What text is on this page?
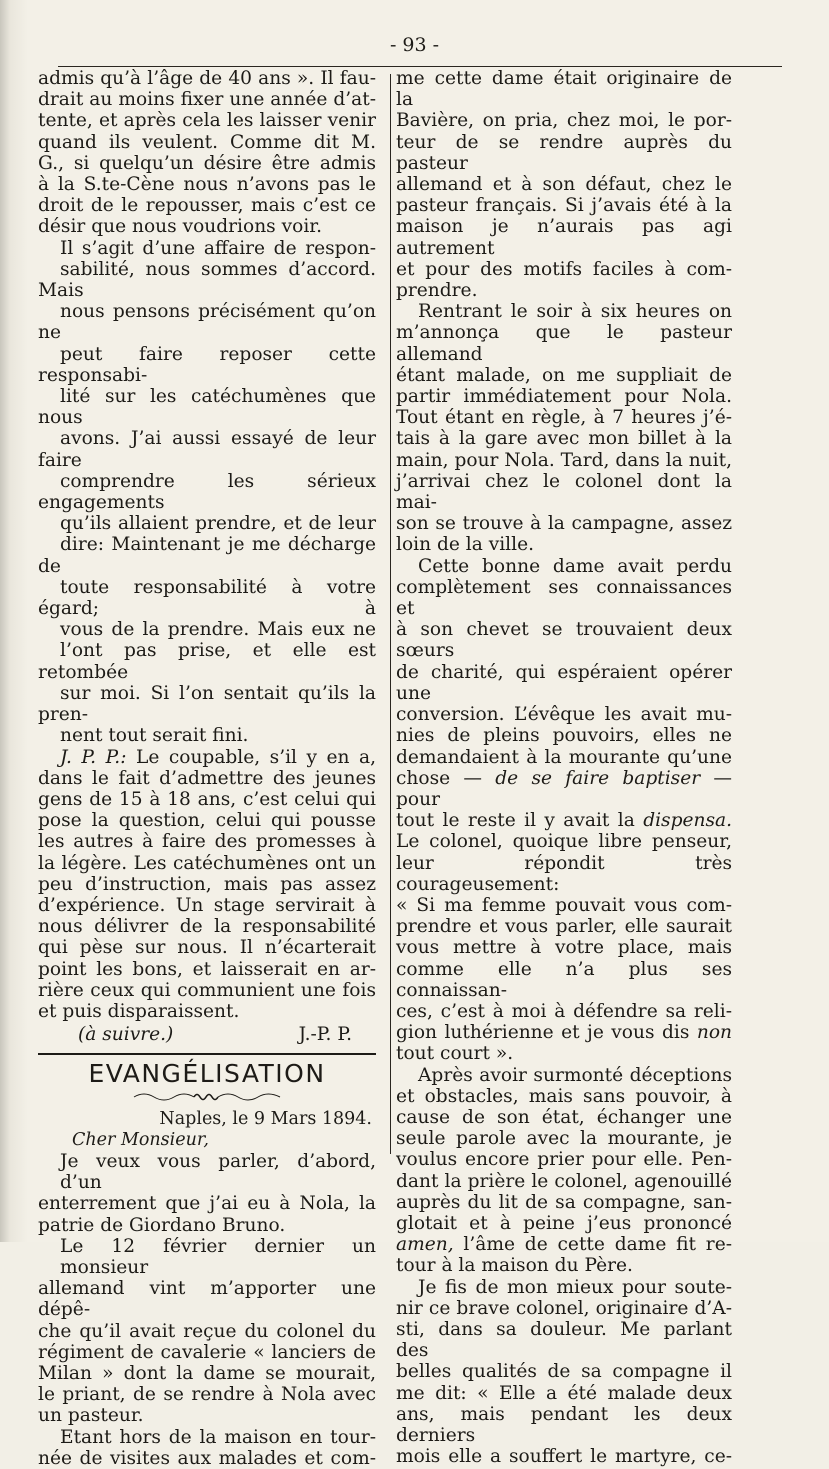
- 93 -

admis qu’à l’âge de 40 ans ». Il fau-
drait au moins fixer une année d’at-
tente, et après cela les laisser venir
quand ils veulent. Comme dit M.
G., si quelqu’un désire être admis
à la S.te-Cène nous n’avons pas le
droit de le repousser, mais c’est ce
désir que nous voudrions voir.

Il s’agit d’une affaire de respon-
sabilité, nous sommes d’accord. Mais
nous pensons précisément qu’on ne
peut faire reposer cette responsabi-
lité sur les catéchumènes que nous
avons. J’ai aussi essayé de leur faire
comprendre les sérieux engagements
qu’ils allaient prendre, et de leur
dire: Maintenant je me décharge de
toute responsabilité à votre égard; à
vous de la prendre. Mais eux ne
l’ont pas prise, et elle est retombée
sur moi. Si l’on sentait qu’ils la pren-
nent tout serait fini.

J. P. P.: Le coupable, s’il y en a,
dans le fait d’admettre des jeunes
gens de 15 à 18 ans, c’est celui qui
pose la question, celui qui pousse
les autres à faire des promesses à
la légère. Les catéchumènes ont un
peu d’instruction, mais pas assez
d’expérience. Un stage servirait à
nous délivrer de la responsabilité
qui pèse sur nous. Il n’écarterait
point les bons, et laisserait en ar-
rière ceux qui communient une fois
et puis disparaissent.

(à suivre.)	J.-P. P.
EVANGÉLISATION
Naples, le 9 Mars 1894.
Cher Monsieur,

Je veux vous parler, d’abord, d’un
enterrement que j’ai eu à Nola, la
patrie de Giordano Bruno.

Le 12 février dernier un monsieur
allemand vint m’apporter une dépê-
che qu’il avait reçue du colonel du
régiment de cavalerie « lanciers de
Milan » dont la dame se mourait,
le priant, de se rendre à Nola avec
un pasteur.

Etant hors de la maison en tour-
née de visites aux malades et com-

me cette dame était originaire de la
Bavière, on pria, chez moi, le por-
teur de se rendre auprès du pasteur
allemand et à son défaut, chez le
pasteur français. Si j’avais été à la
maison je n’aurais pas agi autrement
et pour des motifs faciles à com-
prendre.

Rentrant le soir à six heures on
m’annonça que le pasteur allemand
étant malade, on me suppliait de
partir immédiatement pour Nola.
Tout étant en règle, à 7 heures j’é-
tais à la gare avec mon billet à la
main, pour Nola. Tard, dans la nuit,
j’arrivai chez le colonel dont la mai-
son se trouve à la campagne, assez
loin de la ville.

Cette bonne dame avait perdu
complètement ses connaissances et
à son chevet se trouvaient deux sœurs
de charité, qui espéraient opérer une
conversion. L’évêque les avait mu-
nies de pleins pouvoirs, elles ne
demandaient à la mourante qu’une
chose — de se faire baptiser — pour
tout le reste il y avait la dispensa.
Le colonel, quoique libre penseur,
leur répondit très courageusement:
« Si ma femme pouvait vous com-
prendre et vous parler, elle saurait
vous mettre à votre place, mais
comme elle n’a plus ses connaissan-
ces, c’est à moi à défendre sa reli-
gion luthérienne et je vous dis non
tout court ».

Après avoir surmonté déceptions
et obstacles, mais sans pouvoir, à
cause de son état, échanger une
seule parole avec la mourante, je
voulus encore prier pour elle. Pen-
dant la prière le colonel, agenouillé
auprès du lit de sa compagne, san-
glotait et à peine j’eus prononcé
amen, l’âme de cette dame fit re-
tour à la maison du Père.

Je fis de mon mieux pour soute-
nir ce brave colonel, originaire d’A-
sti, dans sa douleur. Me parlant des
belles qualités de sa compagne il
me dit: « Elle a été malade deux
ans, mais pendant les deux derniers
mois elle a souffert le martyre, ce-
